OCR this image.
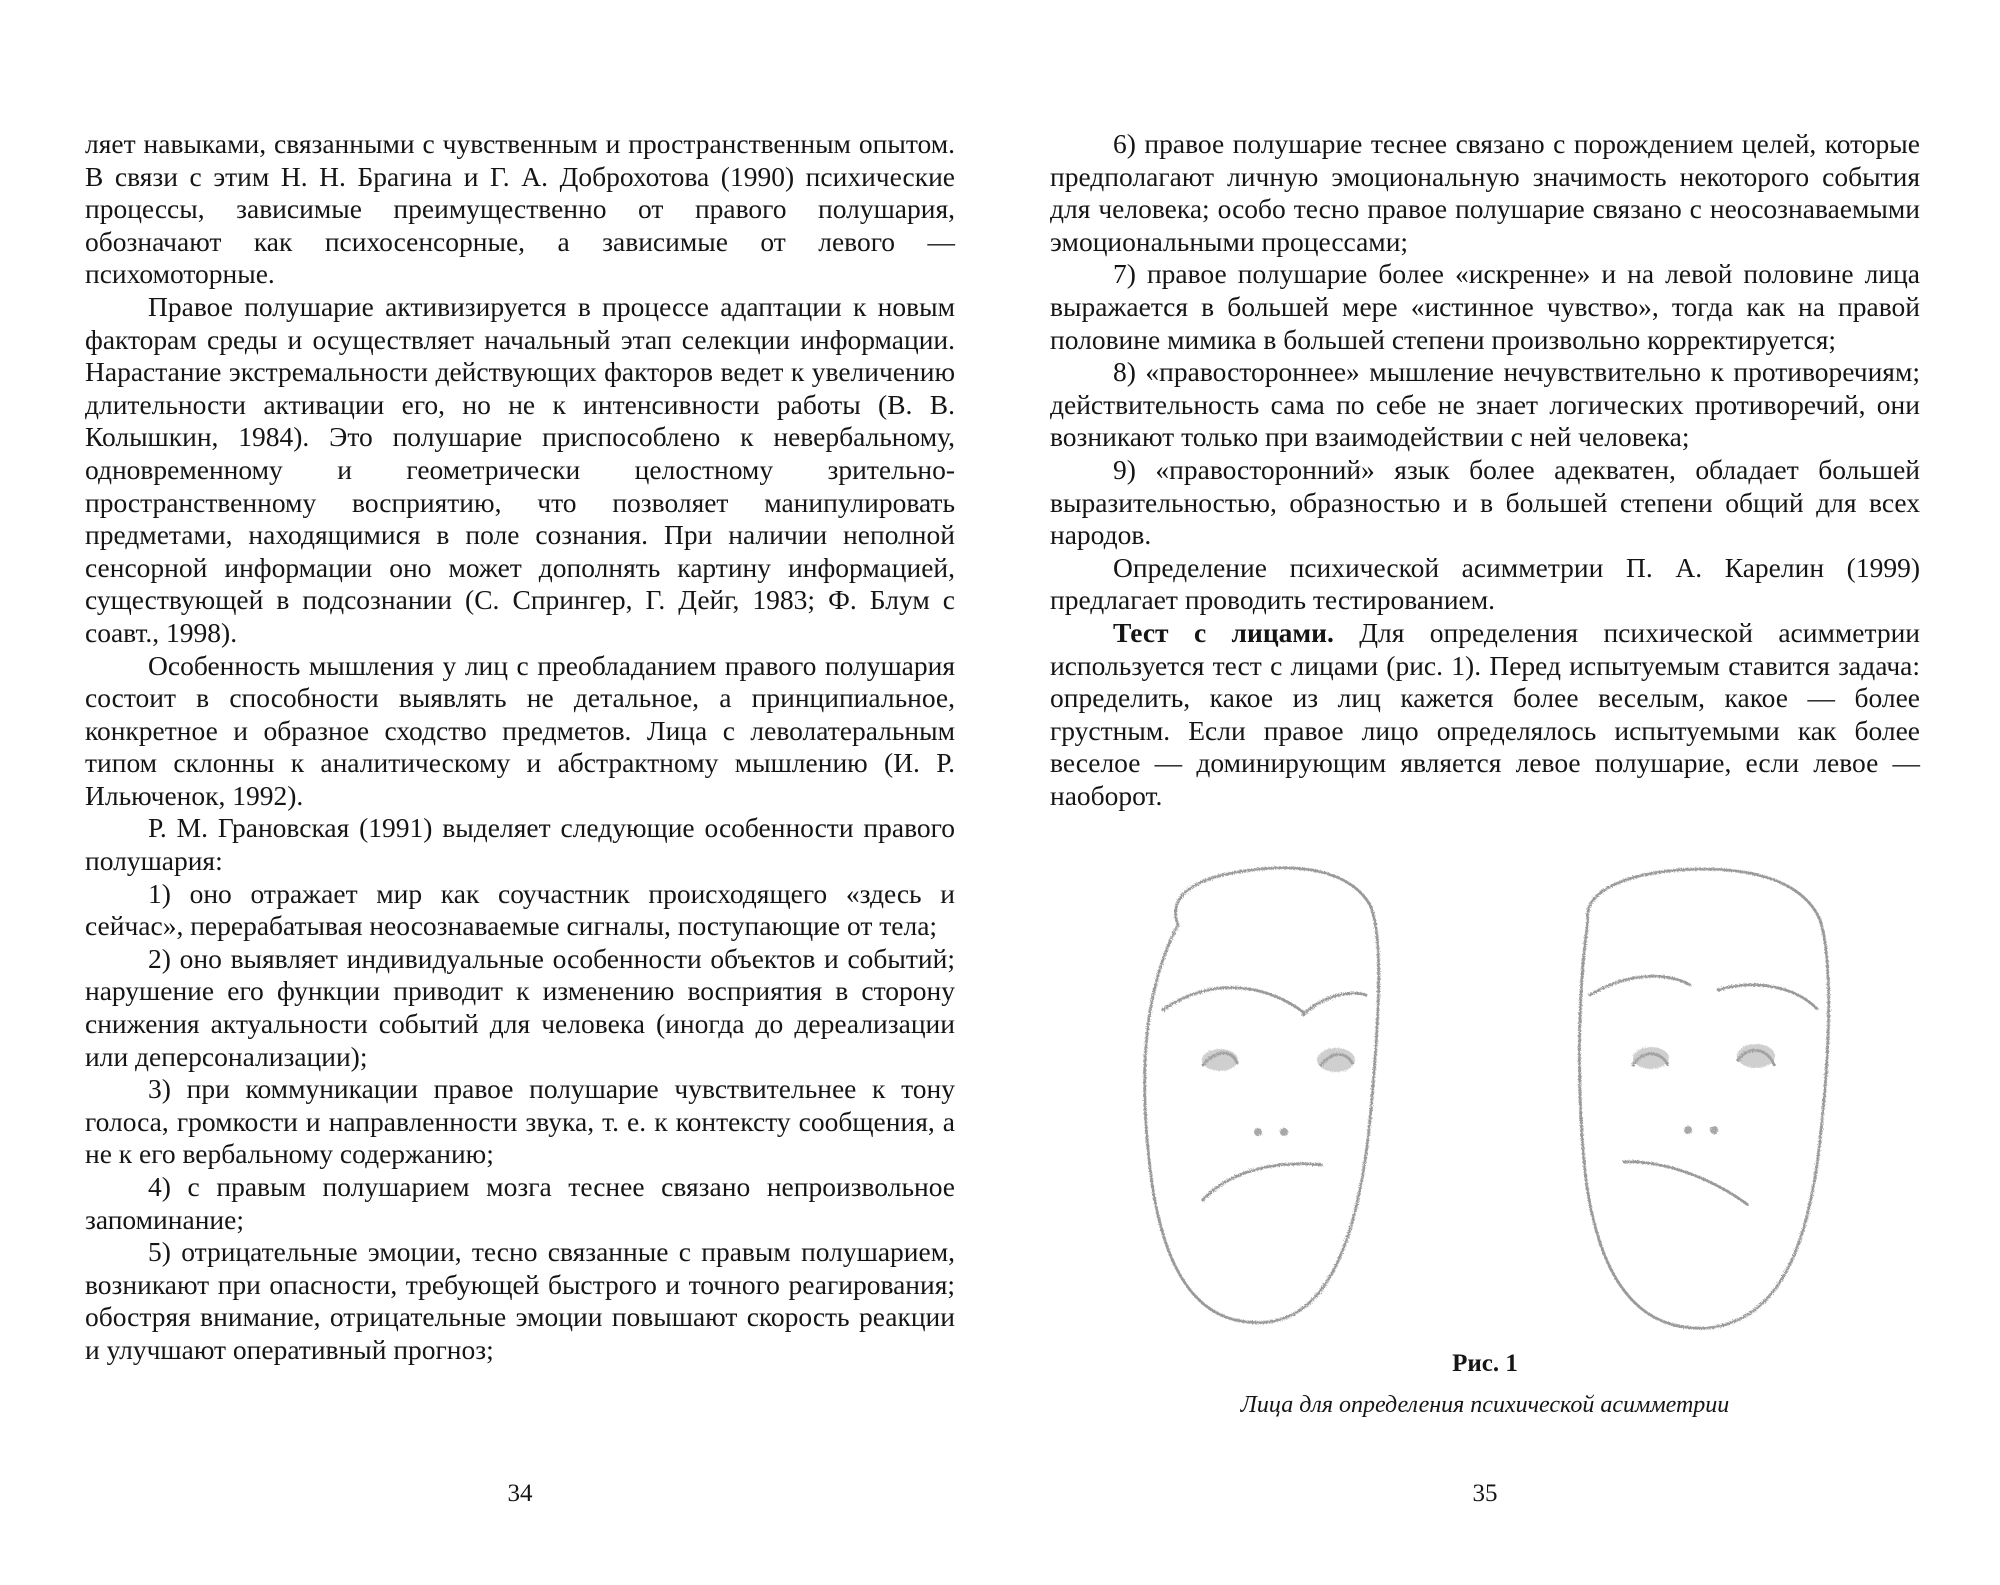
ляет навыками, связанными с чувственным и пространственным опытом. В связи с этим Н. Н. Брагина и Г. А. Доброхотова (1990) психические процессы, зависимые преимущественно от правого полушария, обозначают как психосенсорные, а зависимые от левого — психомоторные.

Правое полушарие активизируется в процессе адаптации к новым факторам среды и осуществляет начальный этап селекции информации. Нарастание экстремальности действующих факторов ведет к увеличению длительности активации его, но не к интенсивности работы (В. В. Колышкин, 1984). Это полушарие приспособлено к невербальному, одновременному и геометрически целостному зрительно-пространственному восприятию, что позволяет манипулировать предметами, находящимися в поле сознания. При наличии неполной сенсорной информации оно может дополнять картину информацией, существующей в подсознании (С. Спрингер, Г. Дейг, 1983; Ф. Блум с соавт., 1998).

Особенность мышления у лиц с преобладанием правого полушария состоит в способности выявлять не детальное, а принципиальное, конкретное и образное сходство предметов. Лица с леволатеральным типом склонны к аналитическому и абстрактному мышлению (И. Р. Ильюченок, 1992).

Р. М. Грановская (1991) выделяет следующие особенности правого полушария:

1) оно отражает мир как соучастник происходящего «здесь и сейчас», перерабатывая неосознаваемые сигналы, поступающие от тела;

2) оно выявляет индивидуальные особенности объектов и событий; нарушение его функции приводит к изменению восприятия в сторону снижения актуальности событий для человека (иногда до дереализации или деперсонализации);

3) при коммуникации правое полушарие чувствительнее к тону голоса, громкости и направленности звука, т. е. к контексту сообщения, а не к его вербальному содержанию;

4) с правым полушарием мозга теснее связано непроизвольное запоминание;

5) отрицательные эмоции, тесно связанные с правым полушарием, возникают при опасности, требующей быстрого и точного реагирования; обостряя внимание, отрицательные эмоции повышают скорость реакции и улучшают оперативный прогноз;

6) правое полушарие теснее связано с порождением целей, которые предполагают личную эмоциональную значимость некоторого события для человека; особо тесно правое полушарие связано с неосознаваемыми эмоциональными процессами;

7) правое полушарие более «искренне» и на левой половине лица выражается в большей мере «истинное чувство», тогда как на правой половине мимика в большей степени произвольно корректируется;

8) «правостороннее» мышление нечувствительно к противоречиям; действительность сама по себе не знает логических противоречий, они возникают только при взаимодействии с ней человека;

9) «правосторонний» язык более адекватен, обладает большей выразительностью, образностью и в большей степени общий для всех народов.

Определение психической асимметрии П. А. Карелин (1999) предлагает проводить тестированием.

Тест с лицами. Для определения психической асимметрии используется тест с лицами (рис. 1). Перед испытуемым ставится задача: определить, какое из лиц кажется более веселым, какое — более грустным. Если правое лицо определялось испытуемыми как более веселое — доминирующим является левое полушарие, если левое — наоборот.

Рис. 1
Лица для определения психической асимметрии
34	35
